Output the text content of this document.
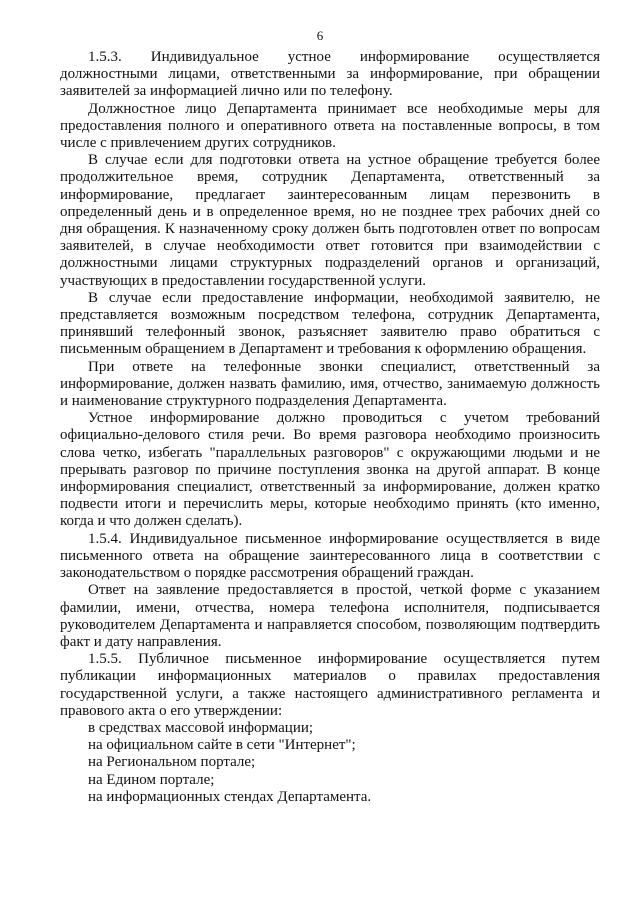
6

1.5.3. Индивидуальное устное информирование осуществляется должностными лицами, ответственными за информирование, при обращении заявителей за информацией лично или по телефону.

Должностное лицо Департамента принимает все необходимые меры для предоставления полного и оперативного ответа на поставленные вопросы, в том числе с привлечением других сотрудников.

В случае если для подготовки ответа на устное обращение требуется более продолжительное время, сотрудник Департамента, ответственный за информирование, предлагает заинтересованным лицам перезвонить в определенный день и в определенное время, но не позднее трех рабочих дней со дня обращения. К назначенному сроку должен быть подготовлен ответ по вопросам заявителей, в случае необходимости ответ готовится при взаимодействии с должностными лицами структурных подразделений органов и организаций, участвующих в предоставлении государственной услуги.

В случае если предоставление информации, необходимой заявителю, не представляется возможным посредством телефона, сотрудник Департамента, принявший телефонный звонок, разъясняет заявителю право обратиться с письменным обращением в Департамент и требования к оформлению обращения.

При ответе на телефонные звонки специалист, ответственный за информирование, должен назвать фамилию, имя, отчество, занимаемую должность и наименование структурного подразделения Департамента.

Устное информирование должно проводиться с учетом требований официально-делового стиля речи. Во время разговора необходимо произносить слова четко, избегать "параллельных разговоров" с окружающими людьми и не прерывать разговор по причине поступления звонка на другой аппарат. В конце информирования специалист, ответственный за информирование, должен кратко подвести итоги и перечислить меры, которые необходимо принять (кто именно, когда и что должен сделать).

1.5.4. Индивидуальное письменное информирование осуществляется в виде письменного ответа на обращение заинтересованного лица в соответствии с законодательством о порядке рассмотрения обращений граждан.

Ответ на заявление предоставляется в простой, четкой форме с указанием фамилии, имени, отчества, номера телефона исполнителя, подписывается руководителем Департамента и направляется способом, позволяющим подтвердить факт и дату направления.

1.5.5. Публичное письменное информирование осуществляется путем публикации информационных материалов о правилах предоставления государственной услуги, а также настоящего административного регламента и правового акта о его утверждении:

в средствах массовой информации;
на официальном сайте в сети "Интернет";
на Региональном портале;
на Едином портале;
на информационных стендах Департамента.
